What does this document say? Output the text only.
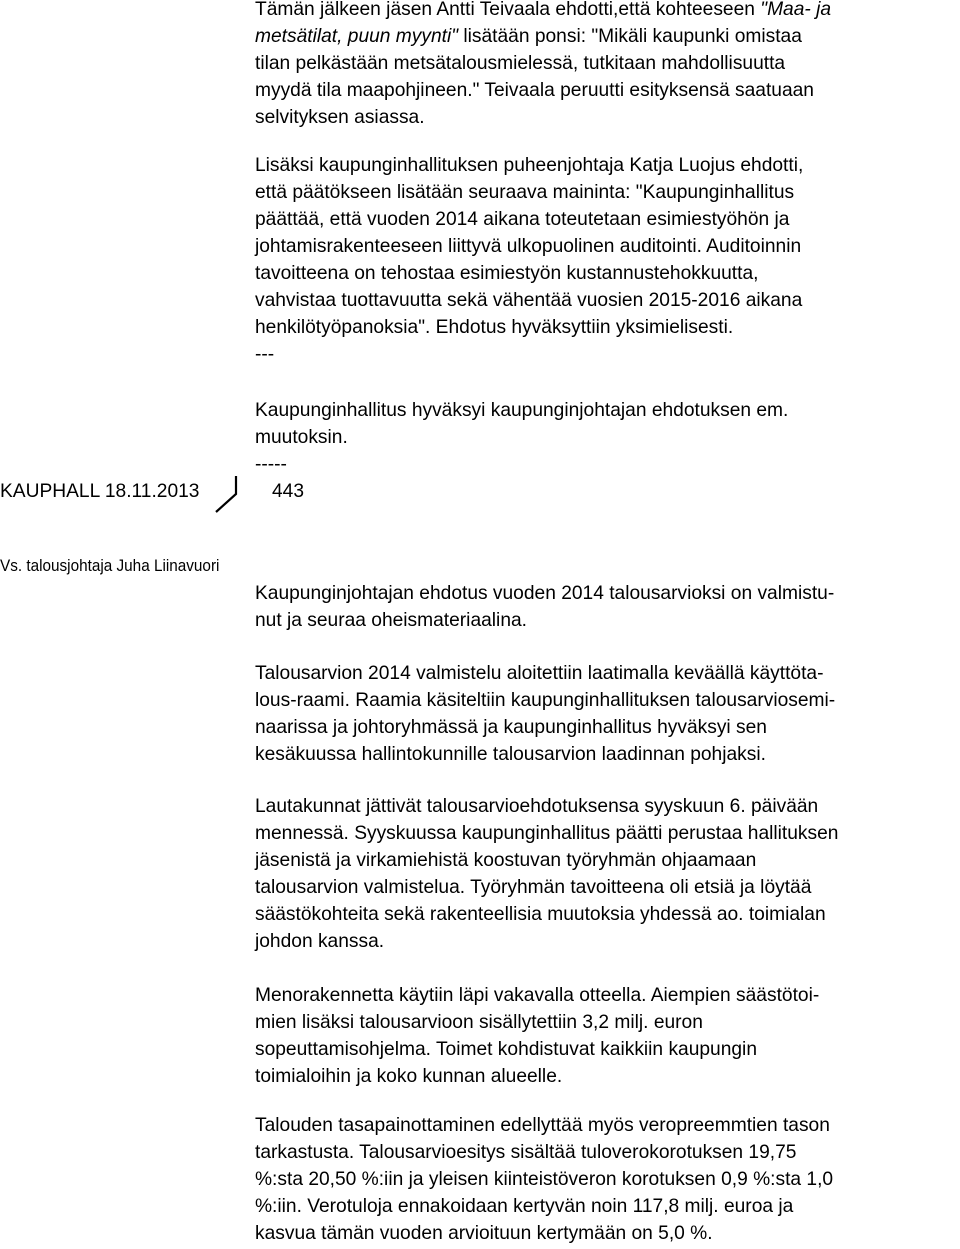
Tämän jälkeen jäsen Antti Teivaala ehdotti,että kohteeseen "Maa- ja
metsätilat, puun myynti" lisätään ponsi: "Mikäli kaupunki omistaa
tilan pelkästään metsätalousmielessä, tutkitaan mahdollisuutta
myydä tila maapohjineen." Teivaala peruutti esityksensä saatuaan
selvityksen asiassa.
Lisäksi kaupunginhallituksen puheenjohtaja Katja Luojus ehdotti,
että päätökseen lisätään seuraava maininta: "Kaupunginhallitus
päättää, että vuoden 2014 aikana toteutetaan esimiestyöhön ja
johtamisrakenteeseen liittyvä ulkopuolinen auditointi. Auditoinnin
tavoitteena on tehostaa esimiestyön kustannustehokkuutta,
vahvistaa tuottavuutta sekä vähentää vuosien 2015-2016 aikana
henkilötyöpanoksia". Ehdotus hyväksyttiin yksimielisesti.
---
Kaupunginhallitus hyväksyi kaupunginjohtajan ehdotuksen em.
muutoksin.
-----
KAUPHALL 18.11.2013	443
Vs. talousjohtaja Juha Liinavuori
Kaupunginjohtajan ehdotus vuoden 2014 talousarvioksi on valmistu-
nut ja seuraa oheismateriaalina.
Talousarvion 2014 valmistelu aloitettiin laatimalla keväällä käyttöta-
lous-raami. Raamia käsiteltiin kaupunginhallituksen talousarviosemi-
naarissa ja johtoryhmässä ja kaupunginhallitus hyväksyi sen
kesäkuussa hallintokunnille talousarvion laadinnan pohjaksi.
Lautakunnat jättivät talousarvioehdotuksensa syyskuun 6. päivään
mennessä. Syyskuussa kaupunginhallitus päätti perustaa hallituksen
jäsenistä ja virkamiehistä koostuvan työryhmän ohjaamaan
talousarvion valmistelua. Työryhmän tavoitteena oli etsiä ja löytää
säästökohteita sekä rakenteellisia muutoksia yhdessä ao. toimialan
johdon kanssa.
Menorakennetta käytiin läpi vakavalla otteella. Aiempien säästötoi-
mien lisäksi talousarvioon sisällytettiin 3,2 milj. euron
sopeuttamisohjelma. Toimet kohdistuvat kaikkiin kaupungin
toimialoihin ja koko kunnan alueelle.
Talouden tasapainottaminen edellyttää myös veropreemmtien tason
tarkastusta. Talousarvioesitys sisältää tuloverokorotuksen 19,75
%:sta 20,50 %:iin ja yleisen kiinteistöveron korotuksen 0,9 %:sta 1,0
%:iin. Verotuloja ennakoidaan kertyvän noin 117,8 milj. euroa ja
kasvua tämän vuoden arvioituun kertymään on 5,0 %.
